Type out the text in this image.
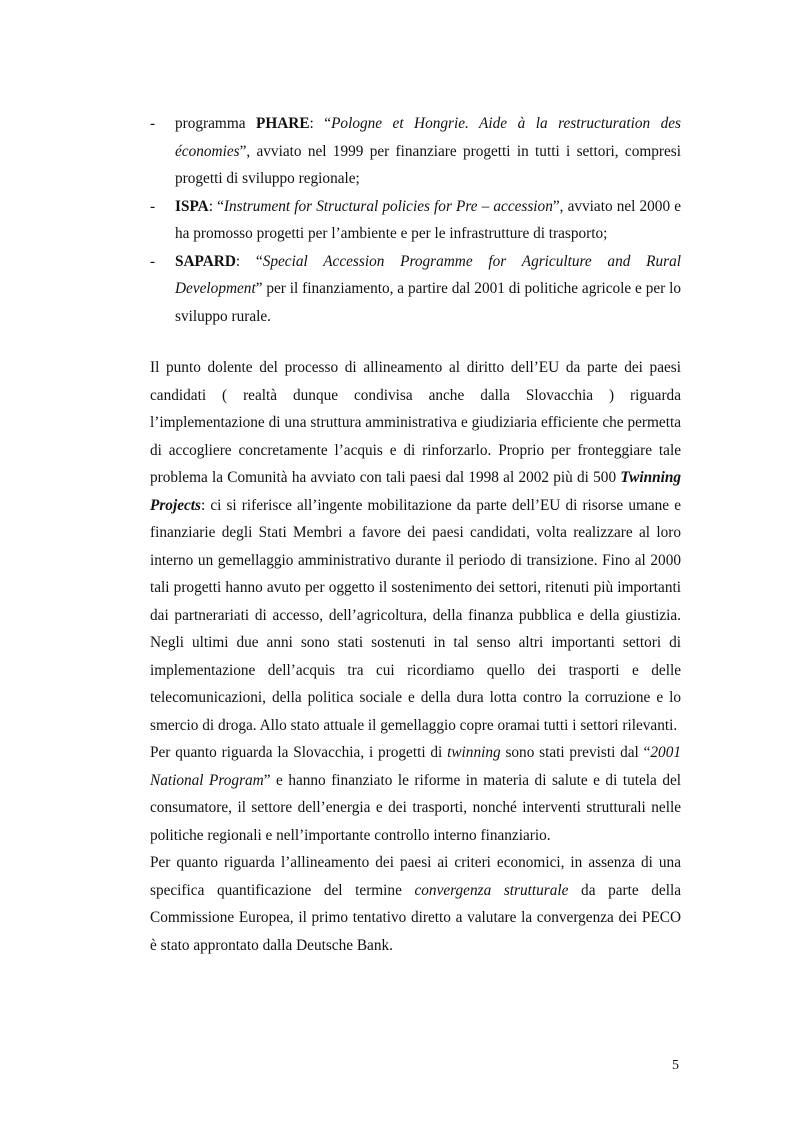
- programma PHARE: “Pologne et Hongrie. Aide à la restructuration des économies”, avviato nel 1999 per finanziare progetti in tutti i settori, compresi progetti di sviluppo regionale;
- ISPA: “Instrument for Structural policies for Pre – accession”, avviato nel 2000 e ha promosso progetti per l’ambiente e per le infrastrutture di trasporto;
- SAPARD: “Special Accession Programme for Agriculture and Rural Development” per il finanziamento, a partire dal 2001 di politiche agricole e per lo sviluppo rurale.

Il punto dolente del processo di allineamento al diritto dell’EU da parte dei paesi candidati ( realtà dunque condivisa anche dalla Slovacchia ) riguarda l’implementazione di una struttura amministrativa e giudiziaria efficiente che permetta di accogliere concretamente l’acquis e di rinforzarlo. Proprio per fronteggiare tale problema la Comunità ha avviato con tali paesi dal 1998 al 2002 più di 500 Twinning Projects: ci si riferisce all’ingente mobilitazione da parte dell’EU di risorse umane e finanziarie degli Stati Membri a favore dei paesi candidati, volta realizzare al loro interno un gemellaggio amministrativo durante il periodo di transizione. Fino al 2000 tali progetti hanno avuto per oggetto il sostenimento dei settori, ritenuti più importanti dai partnerariati di accesso, dell’agricoltura, della finanza pubblica e della giustizia. Negli ultimi due anni sono stati sostenuti in tal senso altri importanti settori di implementazione dell’acquis tra cui ricordiamo quello dei trasporti e delle telecomunicazioni, della politica sociale e della dura lotta contro la corruzione e lo smercio di droga. Allo stato attuale il gemellaggio copre oramai tutti i settori rilevanti.

Per quanto riguarda la Slovacchia, i progetti di twinning sono stati previsti dal “2001 National Program” e hanno finanziato le riforme in materia di salute e di tutela del consumatore, il settore dell’energia e dei trasporti, nonché interventi strutturali nelle politiche regionali e nell’importante controllo interno finanziario.

Per quanto riguarda l’allineamento dei paesi ai criteri economici, in assenza di una specifica quantificazione del termine convergenza strutturale da parte della Commissione Europea, il primo tentativo diretto a valutare la convergenza dei PECO è stato approntato dalla Deutsche Bank.

5
